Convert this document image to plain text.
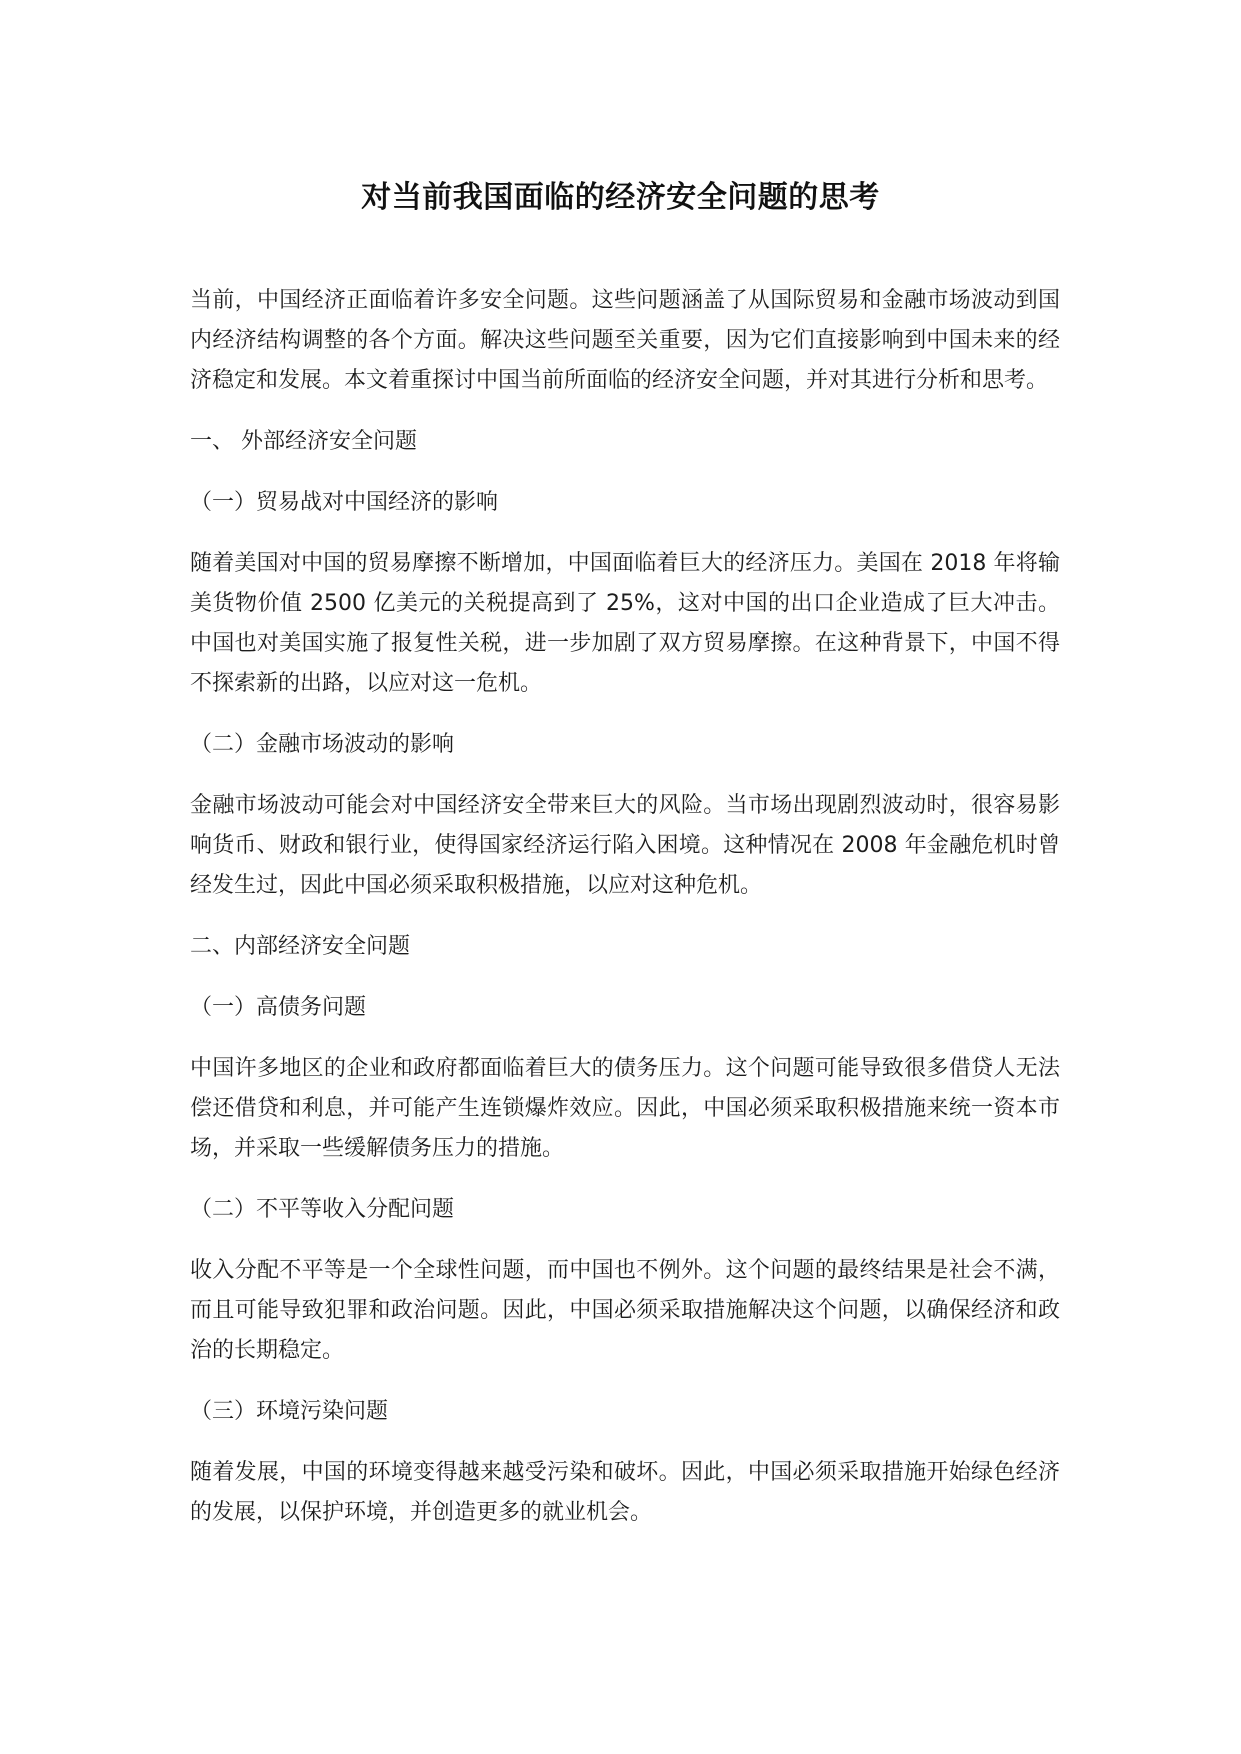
对当前我国面临的经济安全问题的思考

当前，中国经济正面临着许多安全问题。这些问题涵盖了从国际贸易和金融市场波动到国内经济结构调整的各个方面。解决这些问题至关重要，因为它们直接影响到中国未来的经济稳定和发展。本文着重探讨中国当前所面临的经济安全问题，并对其进行分析和思考。

一、 外部经济安全问题
（一）贸易战对中国经济的影响

随着美国对中国的贸易摩擦不断增加，中国面临着巨大的经济压力。美国在 2018 年将输美货物价值 2500 亿美元的关税提高到了 25%，这对中国的出口企业造成了巨大冲击。中国也对美国实施了报复性关税，进一步加剧了双方贸易摩擦。在这种背景下，中国不得不探索新的出路，以应对这一危机。

（二）金融市场波动的影响

金融市场波动可能会对中国经济安全带来巨大的风险。当市场出现剧烈波动时，很容易影响货币、财政和银行业，使得国家经济运行陷入困境。这种情况在 2008 年金融危机时曾经发生过，因此中国必须采取积极措施，以应对这种危机。

二、内部经济安全问题
（一）高债务问题

中国许多地区的企业和政府都面临着巨大的债务压力。这个问题可能导致很多借贷人无法偿还借贷和利息，并可能产生连锁爆炸效应。因此，中国必须采取积极措施来统一资本市场，并采取一些缓解债务压力的措施。

（二）不平等收入分配问题

收入分配不平等是一个全球性问题，而中国也不例外。这个问题的最终结果是社会不满，而且可能导致犯罪和政治问题。因此，中国必须采取措施解决这个问题，以确保经济和政治的长期稳定。

（三）环境污染问题

随着发展，中国的环境变得越来越受污染和破坏。因此，中国必须采取措施开始绿色经济的发展，以保护环境，并创造更多的就业机会。
